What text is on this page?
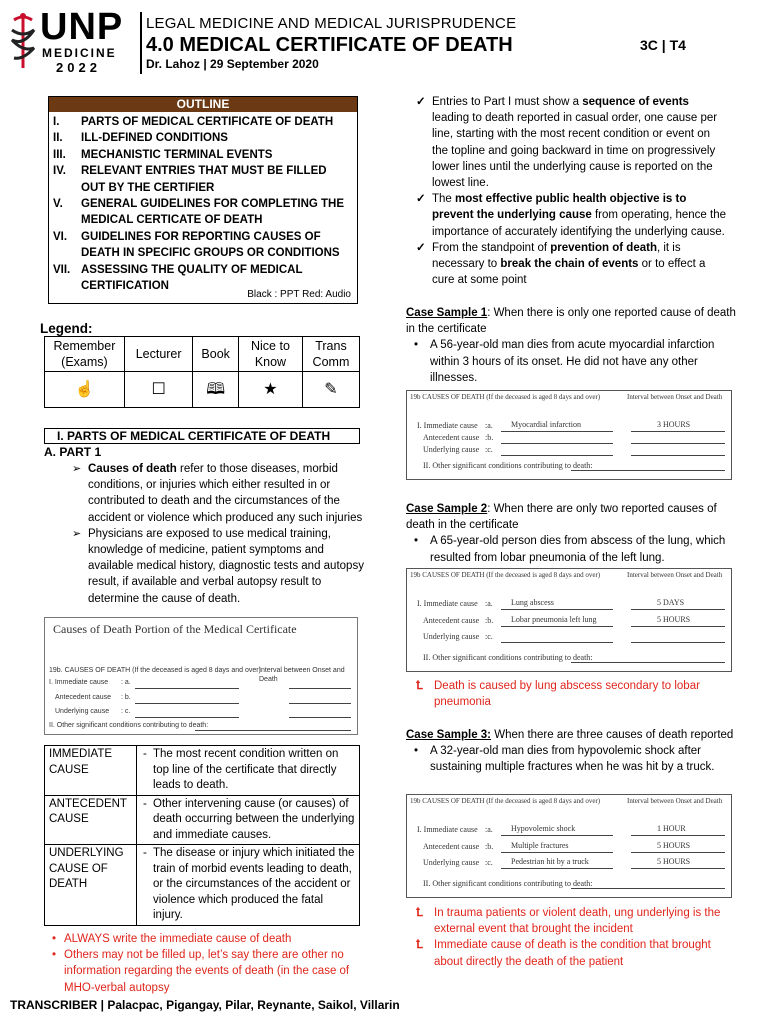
UNP
MEDICINE
2022
LEGAL MEDICINE AND MEDICAL JURISPRUDENCE
4.0 MEDICAL CERTIFICATE OF DEATH
Dr. Lahoz | 29 September 2020
3C | T4
OUTLINE
I.	PARTS OF MEDICAL CERTIFICATE OF DEATH
II.	ILL-DEFINED CONDITIONS
III.	MECHANISTIC TERMINAL EVENTS
IV.	RELEVANT ENTRIES THAT MUST BE FILLED OUT BY THE CERTIFIER
V.	GENERAL GUIDELINES FOR COMPLETING THE MEDICAL CERTICATE OF DEATH
VI.	GUIDELINES FOR REPORTING CAUSES OF DEATH IN SPECIFIC GROUPS OR CONDITIONS
VII. ASSESSING THE QUALITY OF MEDICAL CERTIFICATION
Black : PPT Red: Audio
Legend:
Remember (Exams)	Lecturer	Book	Nice to Know	Trans Comm
☝	☐	🕮	★	✎
I. PARTS OF MEDICAL CERTIFICATE OF DEATH
A. PART 1
➢ Causes of death refer to those diseases, morbid conditions, or injuries which either resulted in or contributed to death and the circumstances of the accident or violence which produced any such injuries
➢ Physicians are exposed to use medical training, knowledge of medicine, patient symptoms and available medical history, diagnostic tests and autopsy result, if available and verbal autopsy result to determine the cause of death.
Causes of Death Portion of the Medical Certificate
19b. CAUSES OF DEATH (If the deceased is aged 8 days and over)
Interval between Onset and Death
I. Immediate cause : a.
Antecedent cause : b.
Underlying cause : c.
II. Other significant conditions contributing to death:
IMMEDIATE CAUSE	- The most recent condition written on top line of the certificate that directly leads to death.
ANTECEDENT CAUSE	- Other intervening cause (or causes) of death occurring between the underlying and immediate causes.
UNDERLYING CAUSE OF DEATH	- The disease or injury which initiated the train of morbid events leading to death, or the circumstances of the accident or violence which produced the fatal injury.
• ALWAYS write the immediate cause of death
• Others may not be filled up, let’s say there are other no information regarding the events of death (in the case of MHO-verbal autopsy
TRANSCRIBER | Palacpac, Pigangay, Pilar, Reynante, Saikol, Villarin
✓ Entries to Part I must show a sequence of events leading to death reported in casual order, one cause per line, starting with the most recent condition or event on the topline and going backward in time on progressively lower lines until the underlying cause is reported on the lowest line.
✓ The most effective public health objective is to prevent the underlying cause from operating, hence the importance of accurately identifying the underlying cause.
✓ From the standpoint of prevention of death, it is necessary to break the chain of events or to effect a cure at some point
Case Sample 1: When there is only one reported cause of death in the certificate
• A 56-year-old man dies from acute myocardial infarction within 3 hours of its onset. He did not have any other illnesses.
19b CAUSES OF DEATH (If the deceased is aged 8 days and over)	Interval between Onset and Death
I. Immediate cause :a. Myocardial infarction	3 HOURS
Antecedent cause :b.
Underlying cause :c.
II. Other significant conditions contributing to death:
Case Sample 2: When there are only two reported causes of death in the certificate
• A 65-year-old person dies from abscess of the lung, which resulted from lobar pneumonia of the left lung.
19b CAUSES OF DEATH (If the deceased is aged 8 days and over)	Interval between Onset and Death
I. Immediate cause :a. Lung abscess	5 DAYS
Antecedent cause :b. Lobar pneumonia left lung	5 HOURS
Underlying cause :c.
II. Other significant conditions contributing to death:
Ꝉ Death is caused by lung abscess secondary to lobar pneumonia
Case Sample 3: When there are three causes of death reported
• A 32-year-old man dies from hypovolemic shock after sustaining multiple fractures when he was hit by a truck.
19b CAUSES OF DEATH (If the deceased is aged 8 days and over)	Interval between Onset and Death
I. Immediate cause :a. Hypovolemic shock	1 HOUR
Antecedent cause :b. Multiple fractures	5 HOURS
Underlying cause :c. Pedestrian hit by a truck	5 HOURS
II. Other significant conditions contributing to death:
Ꝉ In trauma patients or violent death, ung underlying is the external event that brought the incident
Ꝉ Immediate cause of death is the condition that brought about directly the death of the patient
